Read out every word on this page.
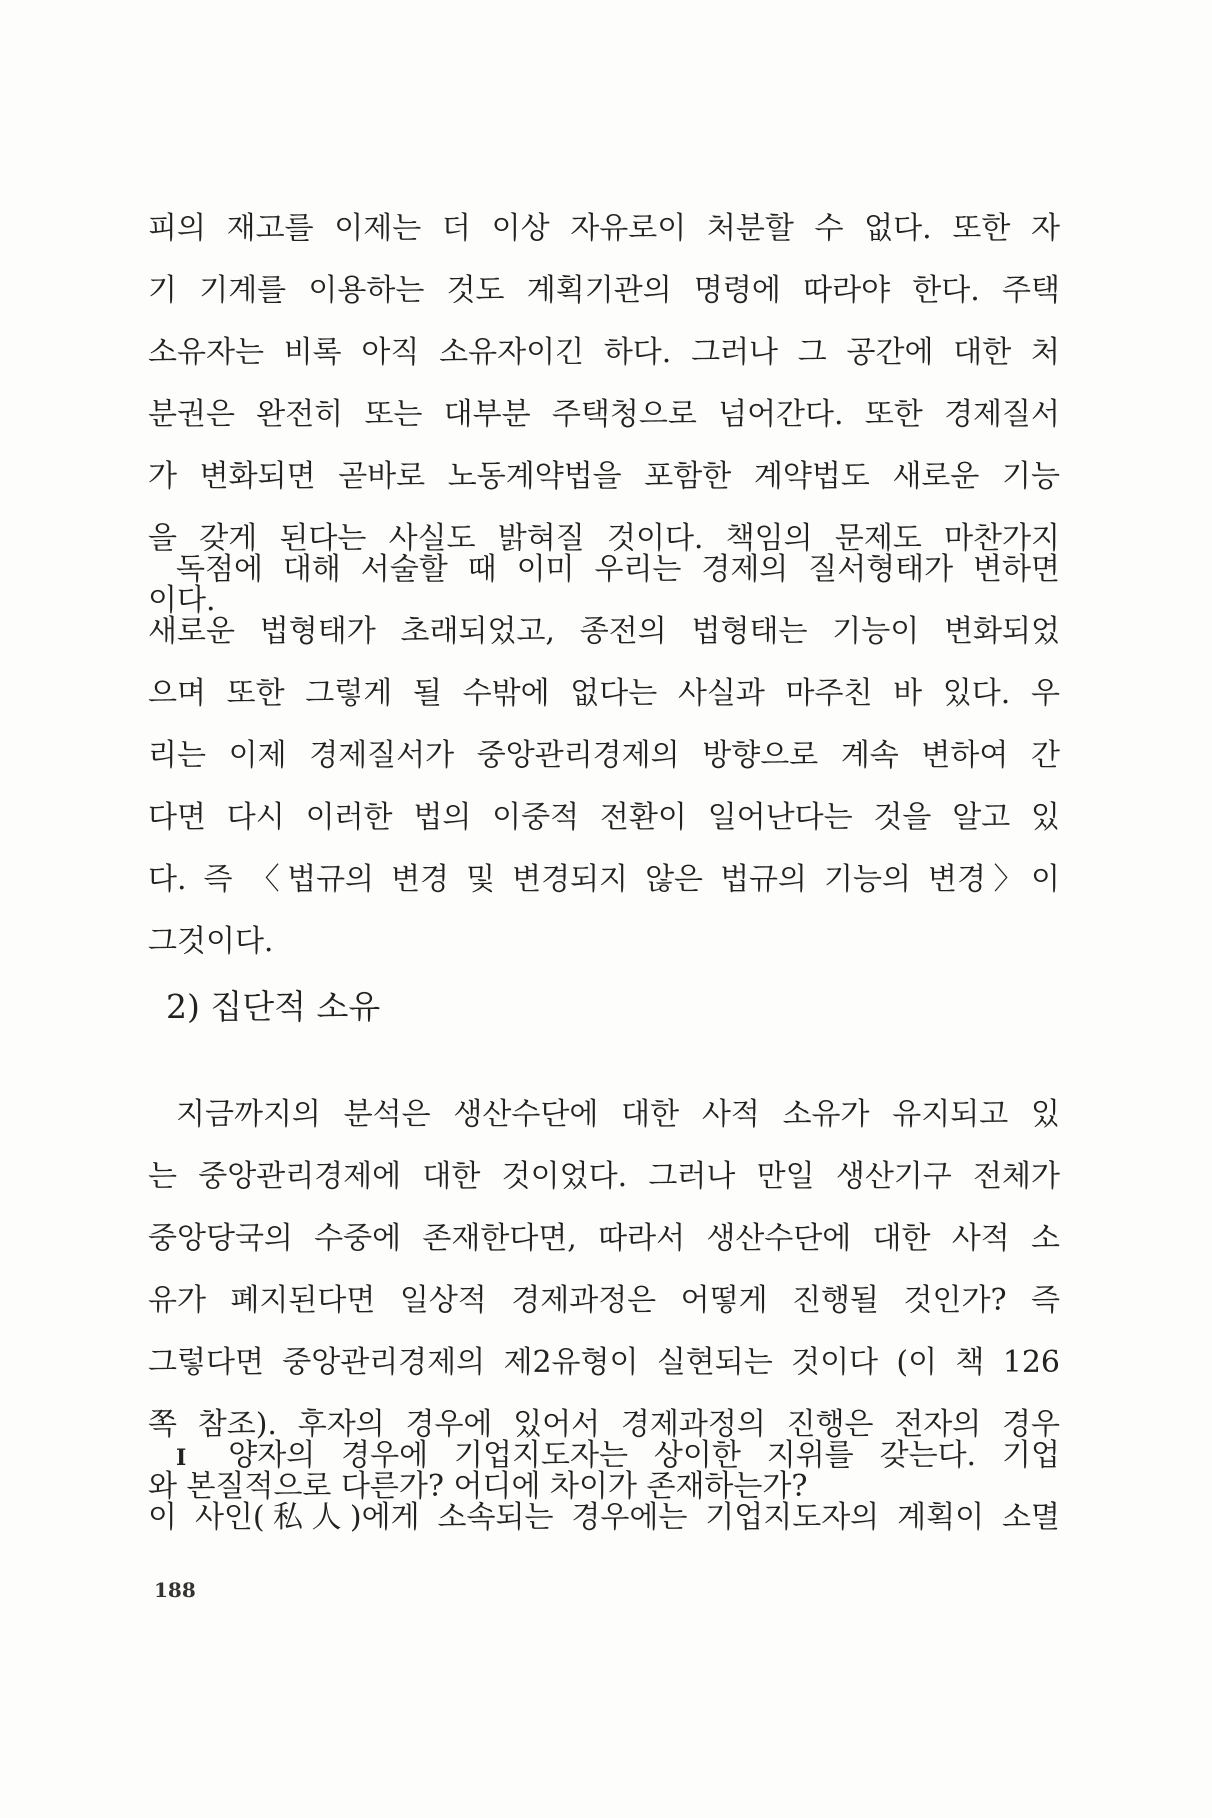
피의 재고를 이제는 더 이상 자유로이 처분할 수 없다. 또한 자
기 기계를 이용하는 것도 계획기관의 명령에 따라야 한다. 주택
소유자는 비록 아직 소유자이긴 하다. 그러나 그 공간에 대한 처
분권은 완전히 또는 대부분 주택청으로 넘어간다. 또한 경제질서
가 변화되면 곧바로 노동계약법을 포함한 계약법도 새로운 기능
을 갖게 된다는 사실도 밝혀질 것이다. 책임의 문제도 마찬가지
이다.
독점에 대해 서술할 때 이미 우리는 경제의 질서형태가 변하면
새로운 법형태가 초래되었고, 종전의 법형태는 기능이 변화되었
으며 또한 그렇게 될 수밖에 없다는 사실과 마주친 바 있다. 우
리는 이제 경제질서가 중앙관리경제의 방향으로 계속 변하여 간
다면 다시 이러한 법의 이중적 전환이 일어난다는 것을 알고 있
다. 즉 〈법규의 변경 및 변경되지 않은 법규의 기능의 변경〉이
그것이다.
2) 집단적 소유
지금까지의 분석은 생산수단에 대한 사적 소유가 유지되고 있
는 중앙관리경제에 대한 것이었다. 그러나 만일 생산기구 전체가
중앙당국의 수중에 존재한다면, 따라서 생산수단에 대한 사적 소
유가 폐지된다면 일상적 경제과정은 어떻게 진행될 것인가? 즉
그렇다면 중앙관리경제의 제2유형이 실현되는 것이다 (이 책 126
쪽 참조). 후자의 경우에 있어서 경제과정의 진행은 전자의 경우
와 본질적으로 다른가? 어디에 차이가 존재하는가?
I 양자의 경우에 기업지도자는 상이한 지위를 갖는다. 기업
이 사인(私人)에게 소속되는 경우에는 기업지도자의 계획이 소멸
188
